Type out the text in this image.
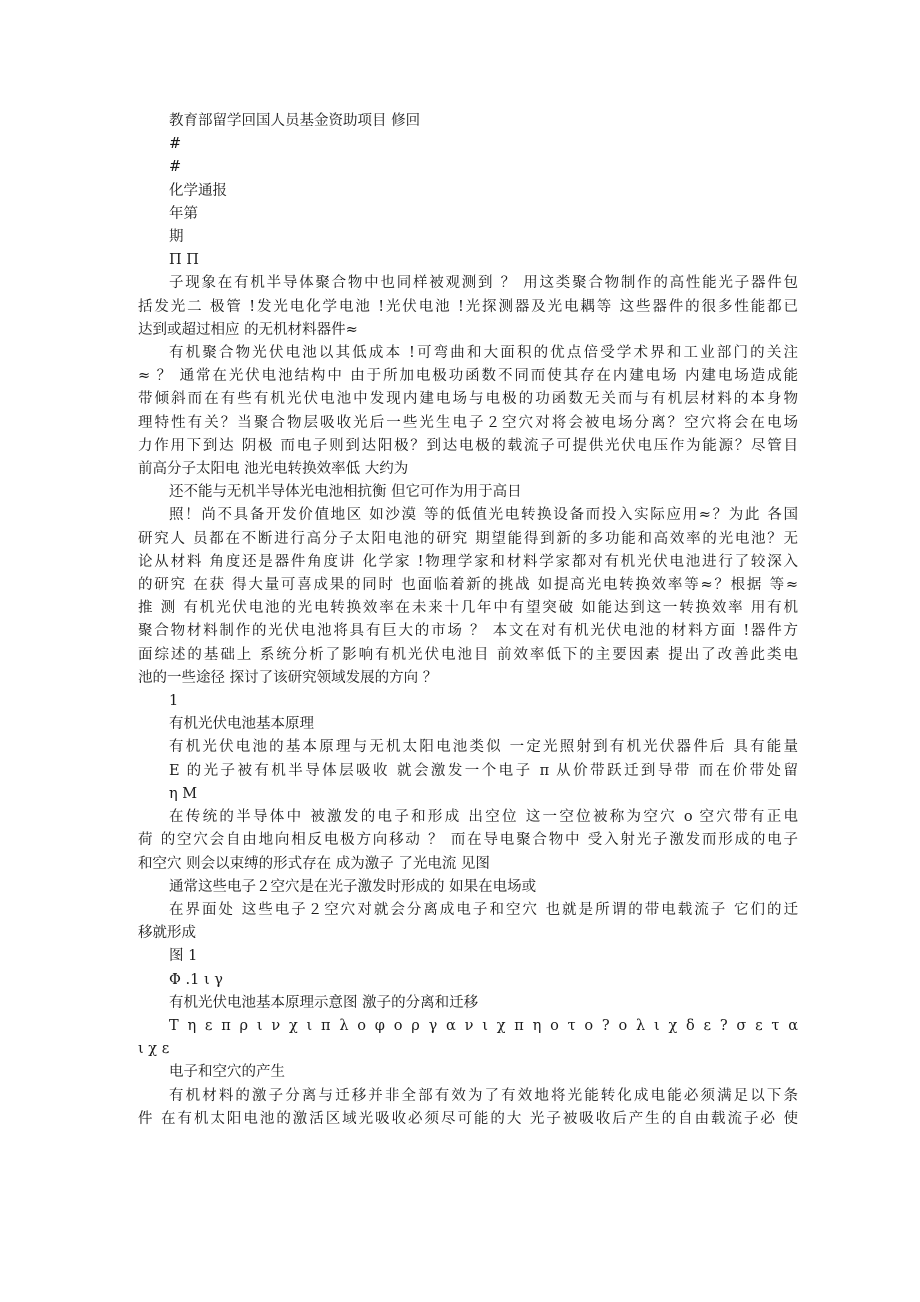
教育部留学回国人员基金资助项目 修回
#
#
化学通报
年第
期
Π Π
子现象在有机半导体聚合物中也同样被观测到 ？ 用这类聚合物制作的高性能光子器件包
括发光二 极管 !发光电化学电池 !光伏电池 !光探测器及光电耦等 这些器件的很多性能都已
达到或超过相应 的无机材料器件≈
有机聚合物光伏电池以其低成本 !可弯曲和大面积的优点倍受学术界和工业部门的关注
≈ ？ 通常在光伏电池结构中 由于所加电极功函数不同而使其存在内建电场 内建电场造成能
带倾斜而在有些有机光伏电池中发现内建电场与电极的功函数无关而与有机层材料的本身物
理特性有关？当聚合物层吸收光后一些光生电子２空穴对将会被电场分离？空穴将会在电场
力作用下到达 阴极 而电子则到达阳极？到达电极的载流子可提供光伏电压作为能源？尽管目
前高分子太阳电 池光电转换效率低 大约为
还不能与无机半导体光电池相抗衡 但它可作为用于高日
照！尚不具备开发价值地区 如沙漠 等的低值光电转换设备而投入实际应用≈？为此 各国
研究人 员都在不断进行高分子太阳电池的研究 期望能得到新的多功能和高效率的光电池？无
论从材料 角度还是器件角度讲 化学家 !物理学家和材料学家都对有机光伏电池进行了较深入
的研究 在获 得大量可喜成果的同时 也面临着新的挑战 如提高光电转换效率等≈？根据 等≈
推 测 有机光伏电池的光电转换效率在未来十几年中有望突破 如能达到这一转换效率 用有机
聚合物材料制作的光伏电池将具有巨大的市场 ？ 本文在对有机光伏电池的材料方面 !器件方
面综述的基础上 系统分析了影响有机光伏电池目 前效率低下的主要因素 提出了改善此类电
池的一些途径 探讨了该研究领域发展的方向 ？
1
有机光伏电池基本原理
有机光伏电池的基本原理与无机太阳电池类似 一定光照射到有机光伏器件后 具有能量
Ε 的光子被有机半导体层吸收 就会激发一个电子 π 从价带跃迁到导带 而在价带处留
η Μ
在传统的半导体中 被激发的电子和形成 出空位 这一空位被称为空穴 ο 空穴带有正电
荷 的空穴会自由地向相反电极方向移动 ？ 而在导电聚合物中 受入射光子激发而形成的电子
和空穴 则会以束缚的形式存在 成为激子 了光电流 见图
通常这些电子２空穴是在光子激发时形成的 如果在电场或
在界面处 这些电子２空穴对就会分离成电子和空穴 也就是所谓的带电载流子 它们的迁
移就形成
图 1
Φ .1 ι γ
有机光伏电池基本原理示意图 激子的分离和迁移
Τ η ε π ρ ι ν χ ι π λ ο φ ο ρ γ α ν ι χ π η ο τ ο ? ο λ ι χ δ ε ? σ ε τ α
ι χ ε
电子和空穴的产生
有机材料的激子分离与迁移并非全部有效为了有效地将光能转化成电能必须满足以下条
件 在有机太阳电池的激活区域光吸收必须尽可能的大 光子被吸收后产生的自由载流子必 使
